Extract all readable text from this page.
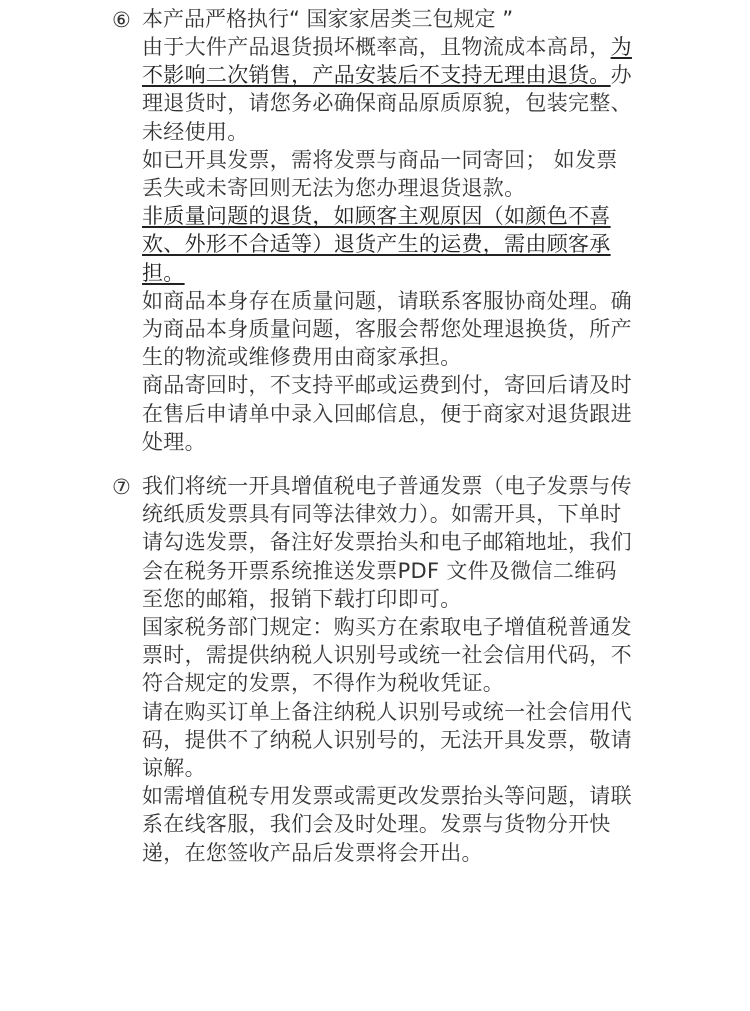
⑥ 本产品严格执行“ 国家家居类三包规定 ”

由于大件产品退货损坏概率高，且物流成本高昂，为不影响二次销售，产品安装后不支持无理由退货。办理退货时，请您务必确保商品原质原貌，包装完整、未经使用。

如已开具发票，需将发票与商品一同寄回； 如发票丢失或未寄回则无法为您办理退货退款。

非质量问题的退货，如顾客主观原因（如颜色不喜欢、外形不合适等）退货产生的运费，需由顾客承担。

如商品本身存在质量问题，请联系客服协商处理。确为商品本身质量问题，客服会帮您处理退换货，所产生的物流或维修费用由商家承担。

商品寄回时，不支持平邮或运费到付，寄回后请及时在售后申请单中录入回邮信息，便于商家对退货跟进处理。

⑦ 我们将统一开具增值税电子普通发票（电子发票与传统纸质发票具有同等法律效力）。如需开具，下单时请勾选发票，备注好发票抬头和电子邮箱地址，我们会在税务开票系统推送发票PDF 文件及微信二维码至您的邮箱，报销下载打印即可。

国家税务部门规定：购买方在索取电子增值税普通发票时，需提供纳税人识别号或统一社会信用代码，不符合规定的发票，不得作为税收凭证。

请在购买订单上备注纳税人识别号或统一社会信用代码，提供不了纳税人识别号的，无法开具发票，敬请谅解。

如需增值税专用发票或需更改发票抬头等问题，请联系在线客服，我们会及时处理。发票与货物分开快递，在您签收产品后发票将会开出。
